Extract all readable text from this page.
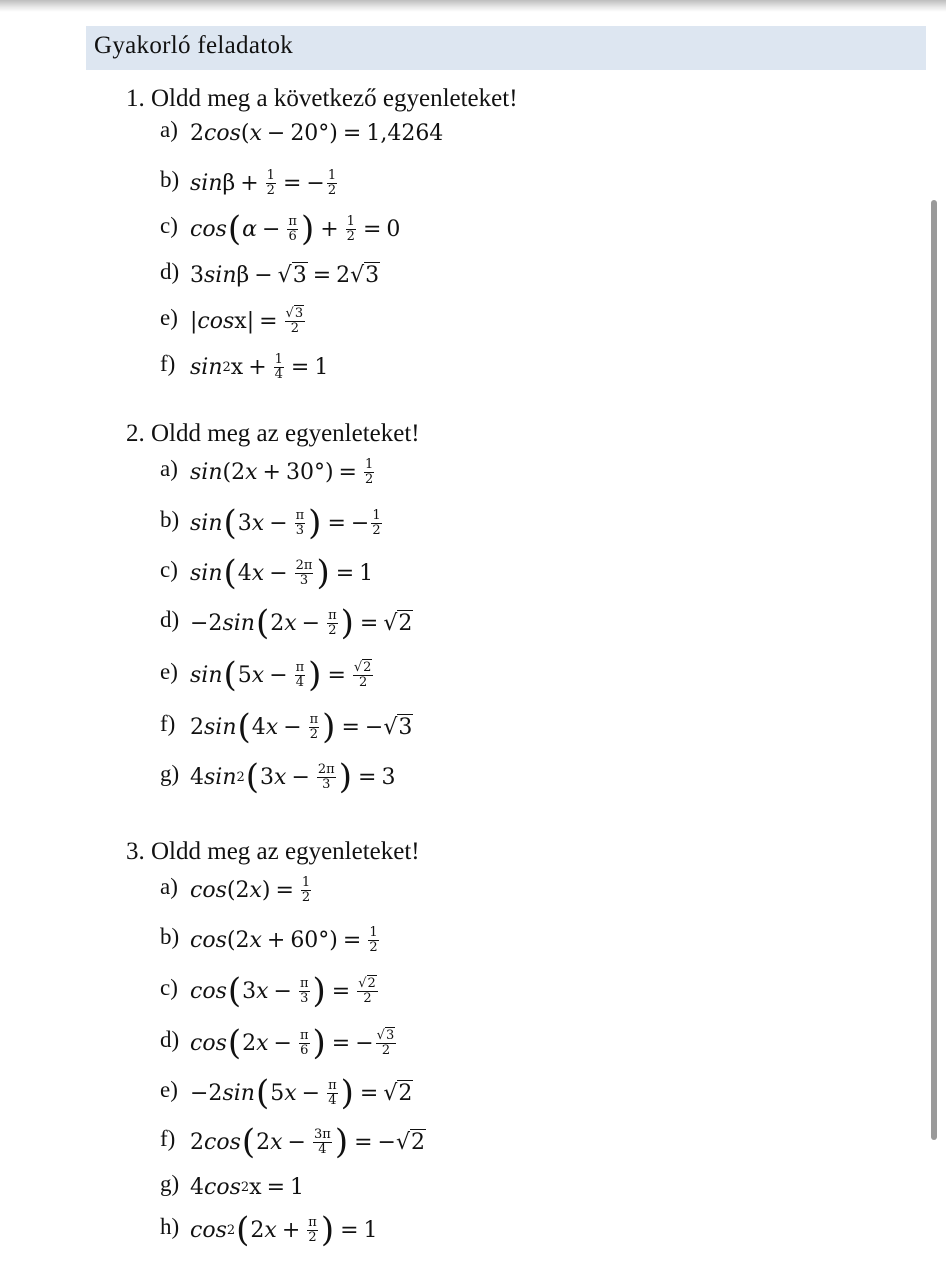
Gyakorló feladatok
1. Oldd meg a következő egyenleteket!
a) 2 cos ( x − 20°) = 1,4264
b) $\sin \beta + \frac{1}{2}$ = − $\frac{1}{2}$
c) cos ( $\alpha - \frac{\pi}{6}$ ) + $\frac{1}{2} = 0$
d) 3 sin β − √3 = 2 √3
e) | $\cos x| = \frac{√3}{2}$
f) sin 2 $x + \frac{1}{4} = 1$
2. Oldd meg az egyenleteket!
a) sin (2 $x + 30^\circ) = \frac{1}{2}$
b) sin ( 3 $x - \frac{\pi}{3}$ ) = − $\frac{1}{2}$
c) sin ( 4 $x - \frac{2\pi}{3}$ ) = 1
d) −2 sin ( 2 $x - \frac{\pi}{2}$ ) = √2
e) sin ( 5 $x - \frac{\pi}{4}$ ) = $\frac{√2}{2}$
f) 2 sin ( 4 $x - \frac{\pi}{2}$ ) = − √3
g) 4 sin 2 ( 3 $x - \frac{2\pi}{3}$ ) = 3
3. Oldd meg az egyenleteket!
a) cos (2 x ) = $\frac{1}{2}$
b) cos (2 $x + 60^\circ) = \frac{1}{2}$
c) cos ( 3 $x - \frac{\pi}{3}$ ) = $\frac{√2}{2}$
d) cos ( 2 $x - \frac{\pi}{6}$ ) = − $\frac{√3}{2}$
e) −2 sin ( 5 $x - \frac{\pi}{4}$ ) = √2
f) 2 cos ( 2 $x - \frac{3\pi}{4}$ ) = − √2
g) 4 cos 2 x = 1
h) cos 2 ( 2 $x + \frac{\pi}{2}$ ) = 1
